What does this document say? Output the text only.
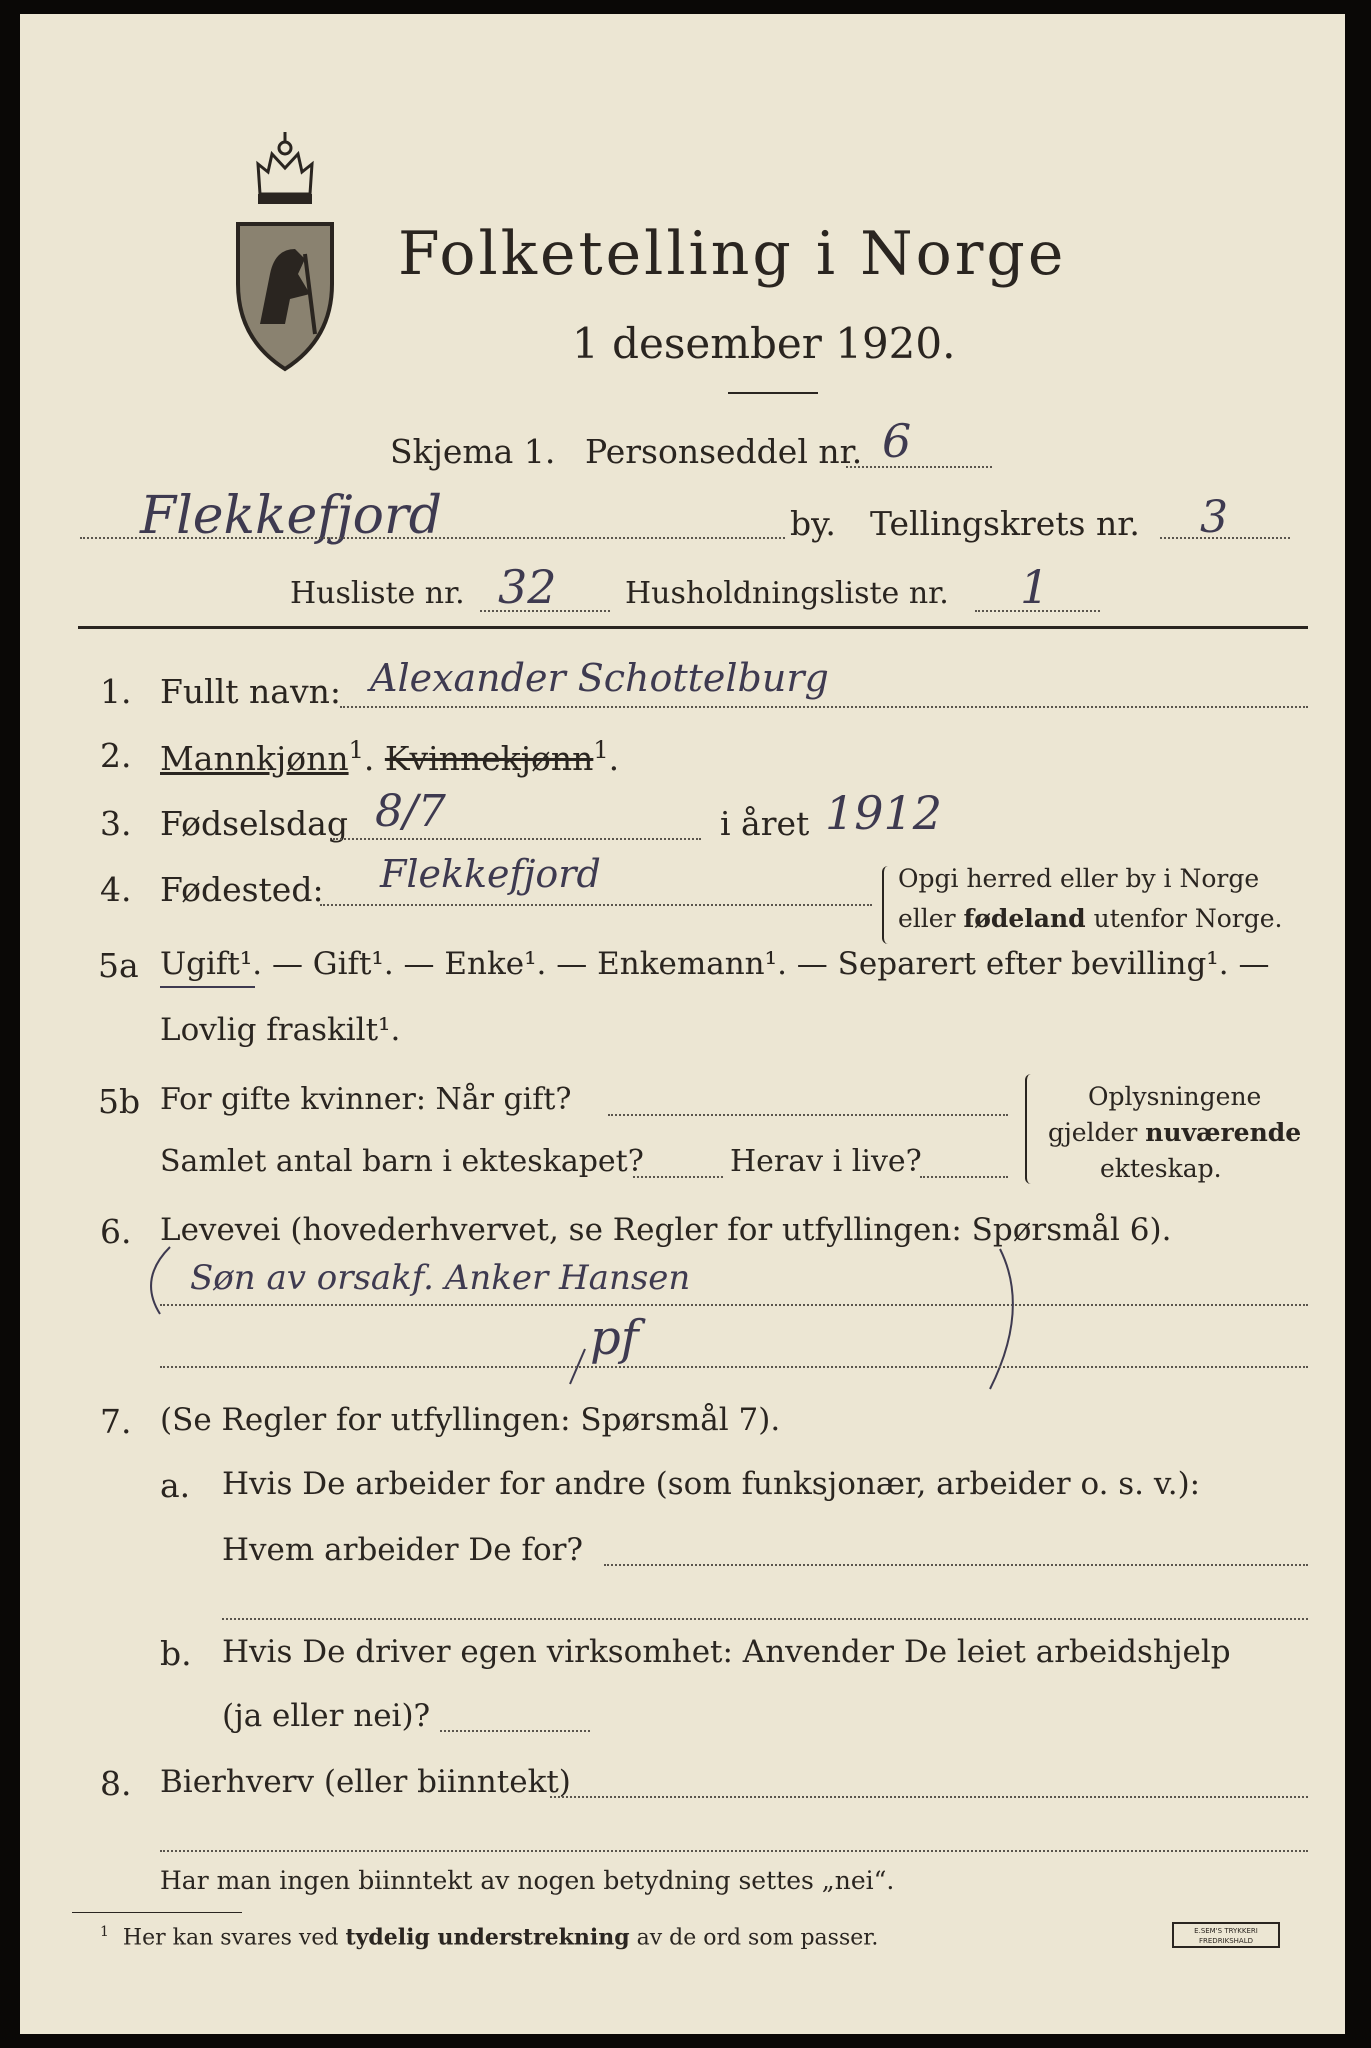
Folketelling i Norge
1 desember 1920.
Skjema 1. Personseddel nr. 6
Flekkefjord	by. Tellingskrets nr. 3
Husliste nr. 32 Husholdningsliste nr. 1
1. Fullt navn: Alexander Schottelburg
2. Mannkjønn$^1$. Kvinnekjønn$^1$.
3. Fødselsdag 8/7	i året 1912
4. Fødested: Flekkefjord	Opgi herred eller by i Norge
eller fødeland utenfor Norge.
5a Ugift¹. — Gift¹. — Enke¹. — Enkemann¹. — Separert efter bevilling¹. —
Lovlig fraskilt¹.
5b For gifte kvinner: Når gift?
Samlet antal barn i ekteskapet?	Herav i live?
Oplysningene
gjelder nuværende
ekteskap.
6. Levevei (hovederhvervet, se Regler for utfyllingen: Spørsmål 6).
Søn av orsakf. Anker Hansen
pf
7. (Se Regler for utfyllingen: Spørsmål 7).
a. Hvis De arbeider for andre (som funksjonær, arbeider o. s. v.):
Hvem arbeider De for?
b. Hvis De driver egen virksomhet: Anvender De leiet arbeidshjelp
(ja eller nei)?
8. Bierhverv (eller biinntekt)
Har man ingen biinntekt av nogen betydning settes „nei“.
$^1$ Her kan svares ved tydelig understrekning av de ord som passer.	E.SEM'S TRYKKERI
FREDRIKSHALD
